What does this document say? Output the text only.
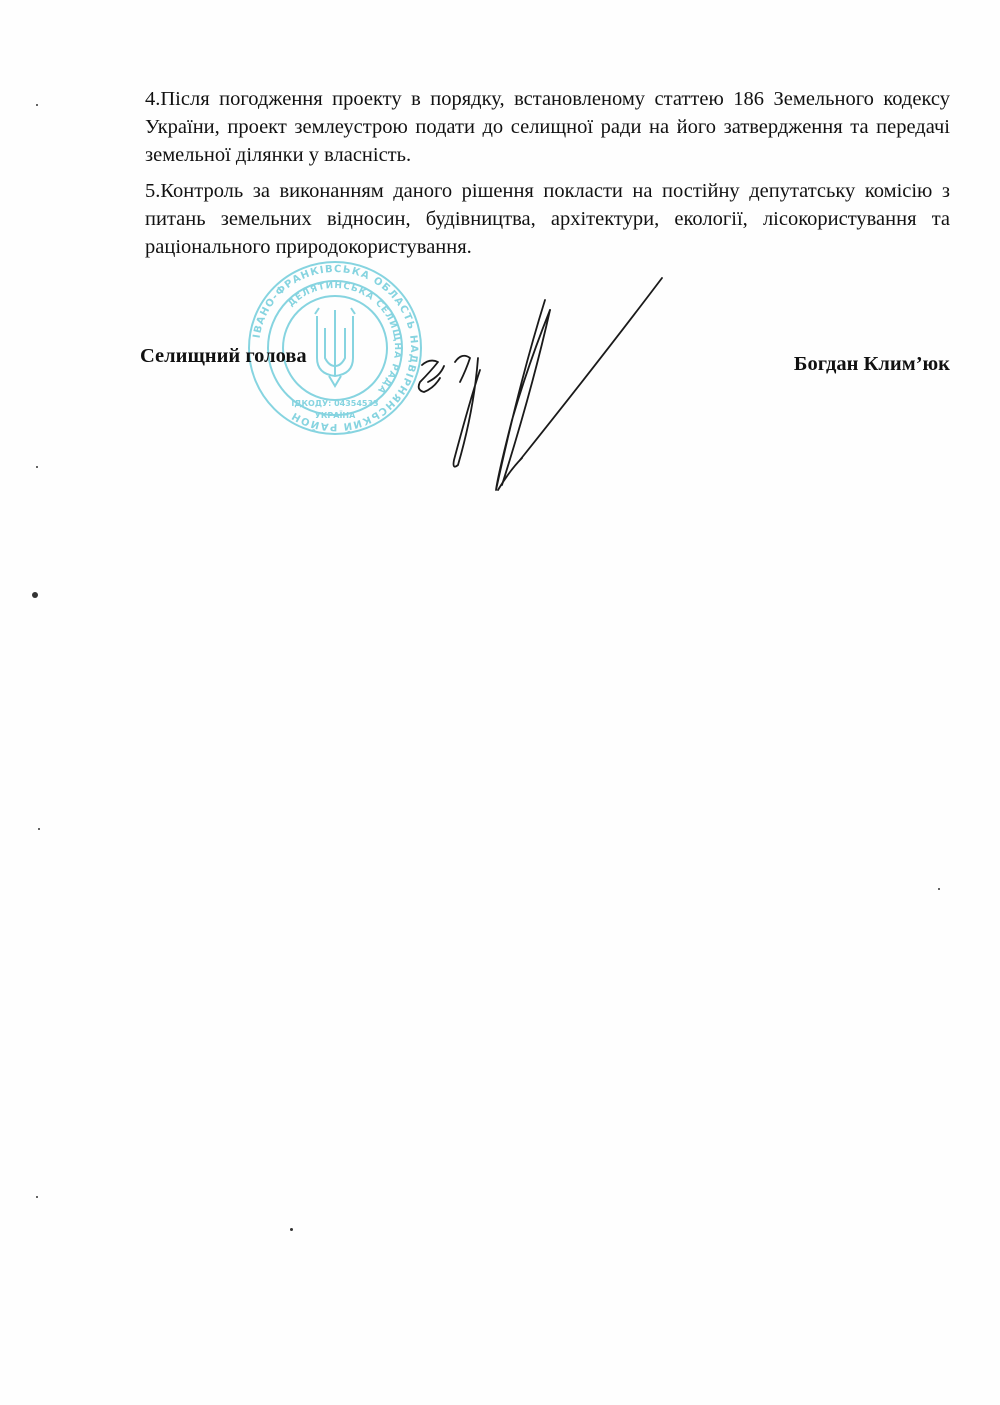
4.Після погодження проекту в порядку, встановленому статтею 186 Земельного кодексу України, проект землеустрою подати до селищної ради на його затвердження та передачі земельної ділянки у власність.

5.Контроль за виконанням даного рішення покласти на постійну депутатську комісію з питань земельних відносин, будівництва, архітектури, екології, лісокористування та раціонального природокористування.

ІВАНО-ФРАНКІВСЬКА ОБЛАСТЬ НАДВІРНЯНСЬКИЙ РАЙОН
ДЕЛЯТИНСЬКА СЕЛИЩНА РАДА
ІДКОДУ: 04354533
УКРАЇНА
Селищний голова	Богдан Клим’юк
